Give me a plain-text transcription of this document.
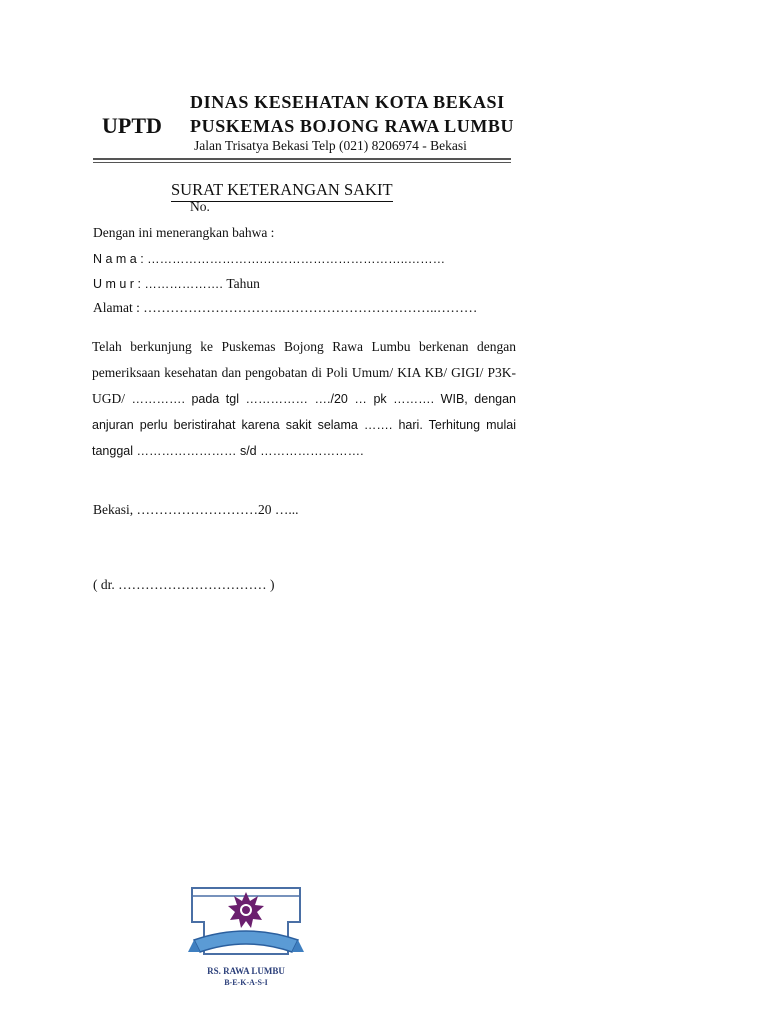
UPTD
DINAS KESEHATAN KOTA BEKASI
PUSKEMAS BOJONG RAWA LUMBU
Jalan Trisatya Bekasi Telp (021) 8206974 - Bekasi
SURAT KETERANGAN SAKIT
No.
Dengan ini menerangkan bahwa :
N a m a : ……………………….……………………………..………
U m u r : ………………. Tahun
Alamat : ………………………….……………………………..………

Telah berkunjung ke Puskemas Bojong Rawa Lumbu berkenan dengan pemeriksaan kesehatan dan pengobatan di Poli Umum/ KIA KB/ GIGI/ P3K-UGD/ …………. pada tgl …………… …./20 … pk ………. WIB, dengan anjuran perlu beristirahat karena sakit selama ……. hari. Terhitung mulai tanggal …………………… s/d …………………….

Bekasi, ………………………20 …...
( dr. …………………………… )
RS. RAWA LUMBU
B-E-K-A-S-I
